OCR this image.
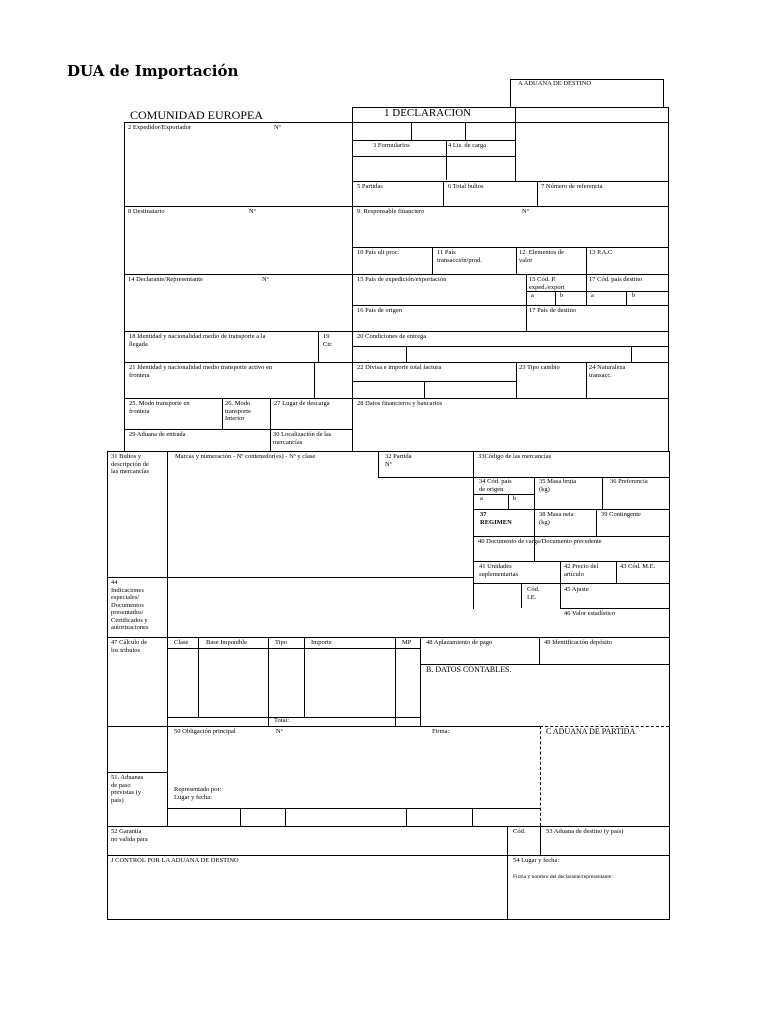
DUA de Importación
A ADUANA DE DESTINO
COMUNIDAD EUROPEA	1 DECLARACION
3 Formularios	4 Lis. de carga
5 Partidas	6 Total bultos	7 Número de referencia
2 Expedidor/Exportador	Nº
8 Destinatario	Nº	9. Responsable financiero	Nº
10 País ult proc.	11 País
transacción/prod.
12. Elementos de
valor
13 P.A.C
14 Declarante/Representante	Nº	15 País de expedición/exportación	15 Cód. P.
exped./export
17 Cód. país destino
a	b	a	b
16 País de origen	17 País de destino
18 Identidad y nacionalidad medio de transporte a la
llegada
19
Ctr.
20 Condiciones de entrega
21 Identidad y nacionalidad medio transporte activo en
frontera
22 Divisa e importe total factura	23 Tipo cambio	24 Naturaleza
transacc.
25. Modo transporte en
frontera
26. Modo
transporte
Interior
27 Lugar de descarga	28 Datos financieros y bancarios
29 Aduana de entrada	30 Localización de las
mercancías
31 Bultos y
descripción de
las mercancías
Marcas y numeración - Nº contenedor(es) - Nº y clase	32 Partida
Nº
33Código de las mercancías
34 Cód. país
de origen
35 Masa bruta
(kg)
36 Preferencia
a	b
37
REGIMEN
38 Masa neta
(kg)
39 Contingente
40 Documento de carga/Documento precedente
41 Unidades
suplementarias
42 Precio del
artículo
43 Cód. M.E.
Cód.
I.E.
45 Ajuste
44
Indicaciones
especiales/
Documentos
presentados/
Certificados y
autorizaciones
46 Valor estadístico
47 Cálculo de
los tributos
Clase	Base Imponible	Tipo	Importe	MP
Total:
48 Aplazamiento de pago	49 Identificación depósito
B. DATOS CONTABLES.
50 Obligación principal	Nº	Firma:	C ADUANA DE PARTIDA
Representado por:
Lugar y fecha:
51. Aduanas
de paso
previstas (y
país)
52 Garantía
no valida para
Cód.	53 Aduana de destino (y país)
J CONTROL POR LA ADUANA DE DESTINO	54 Lugar y fecha:
Firma y nombre del declarante/representante:
